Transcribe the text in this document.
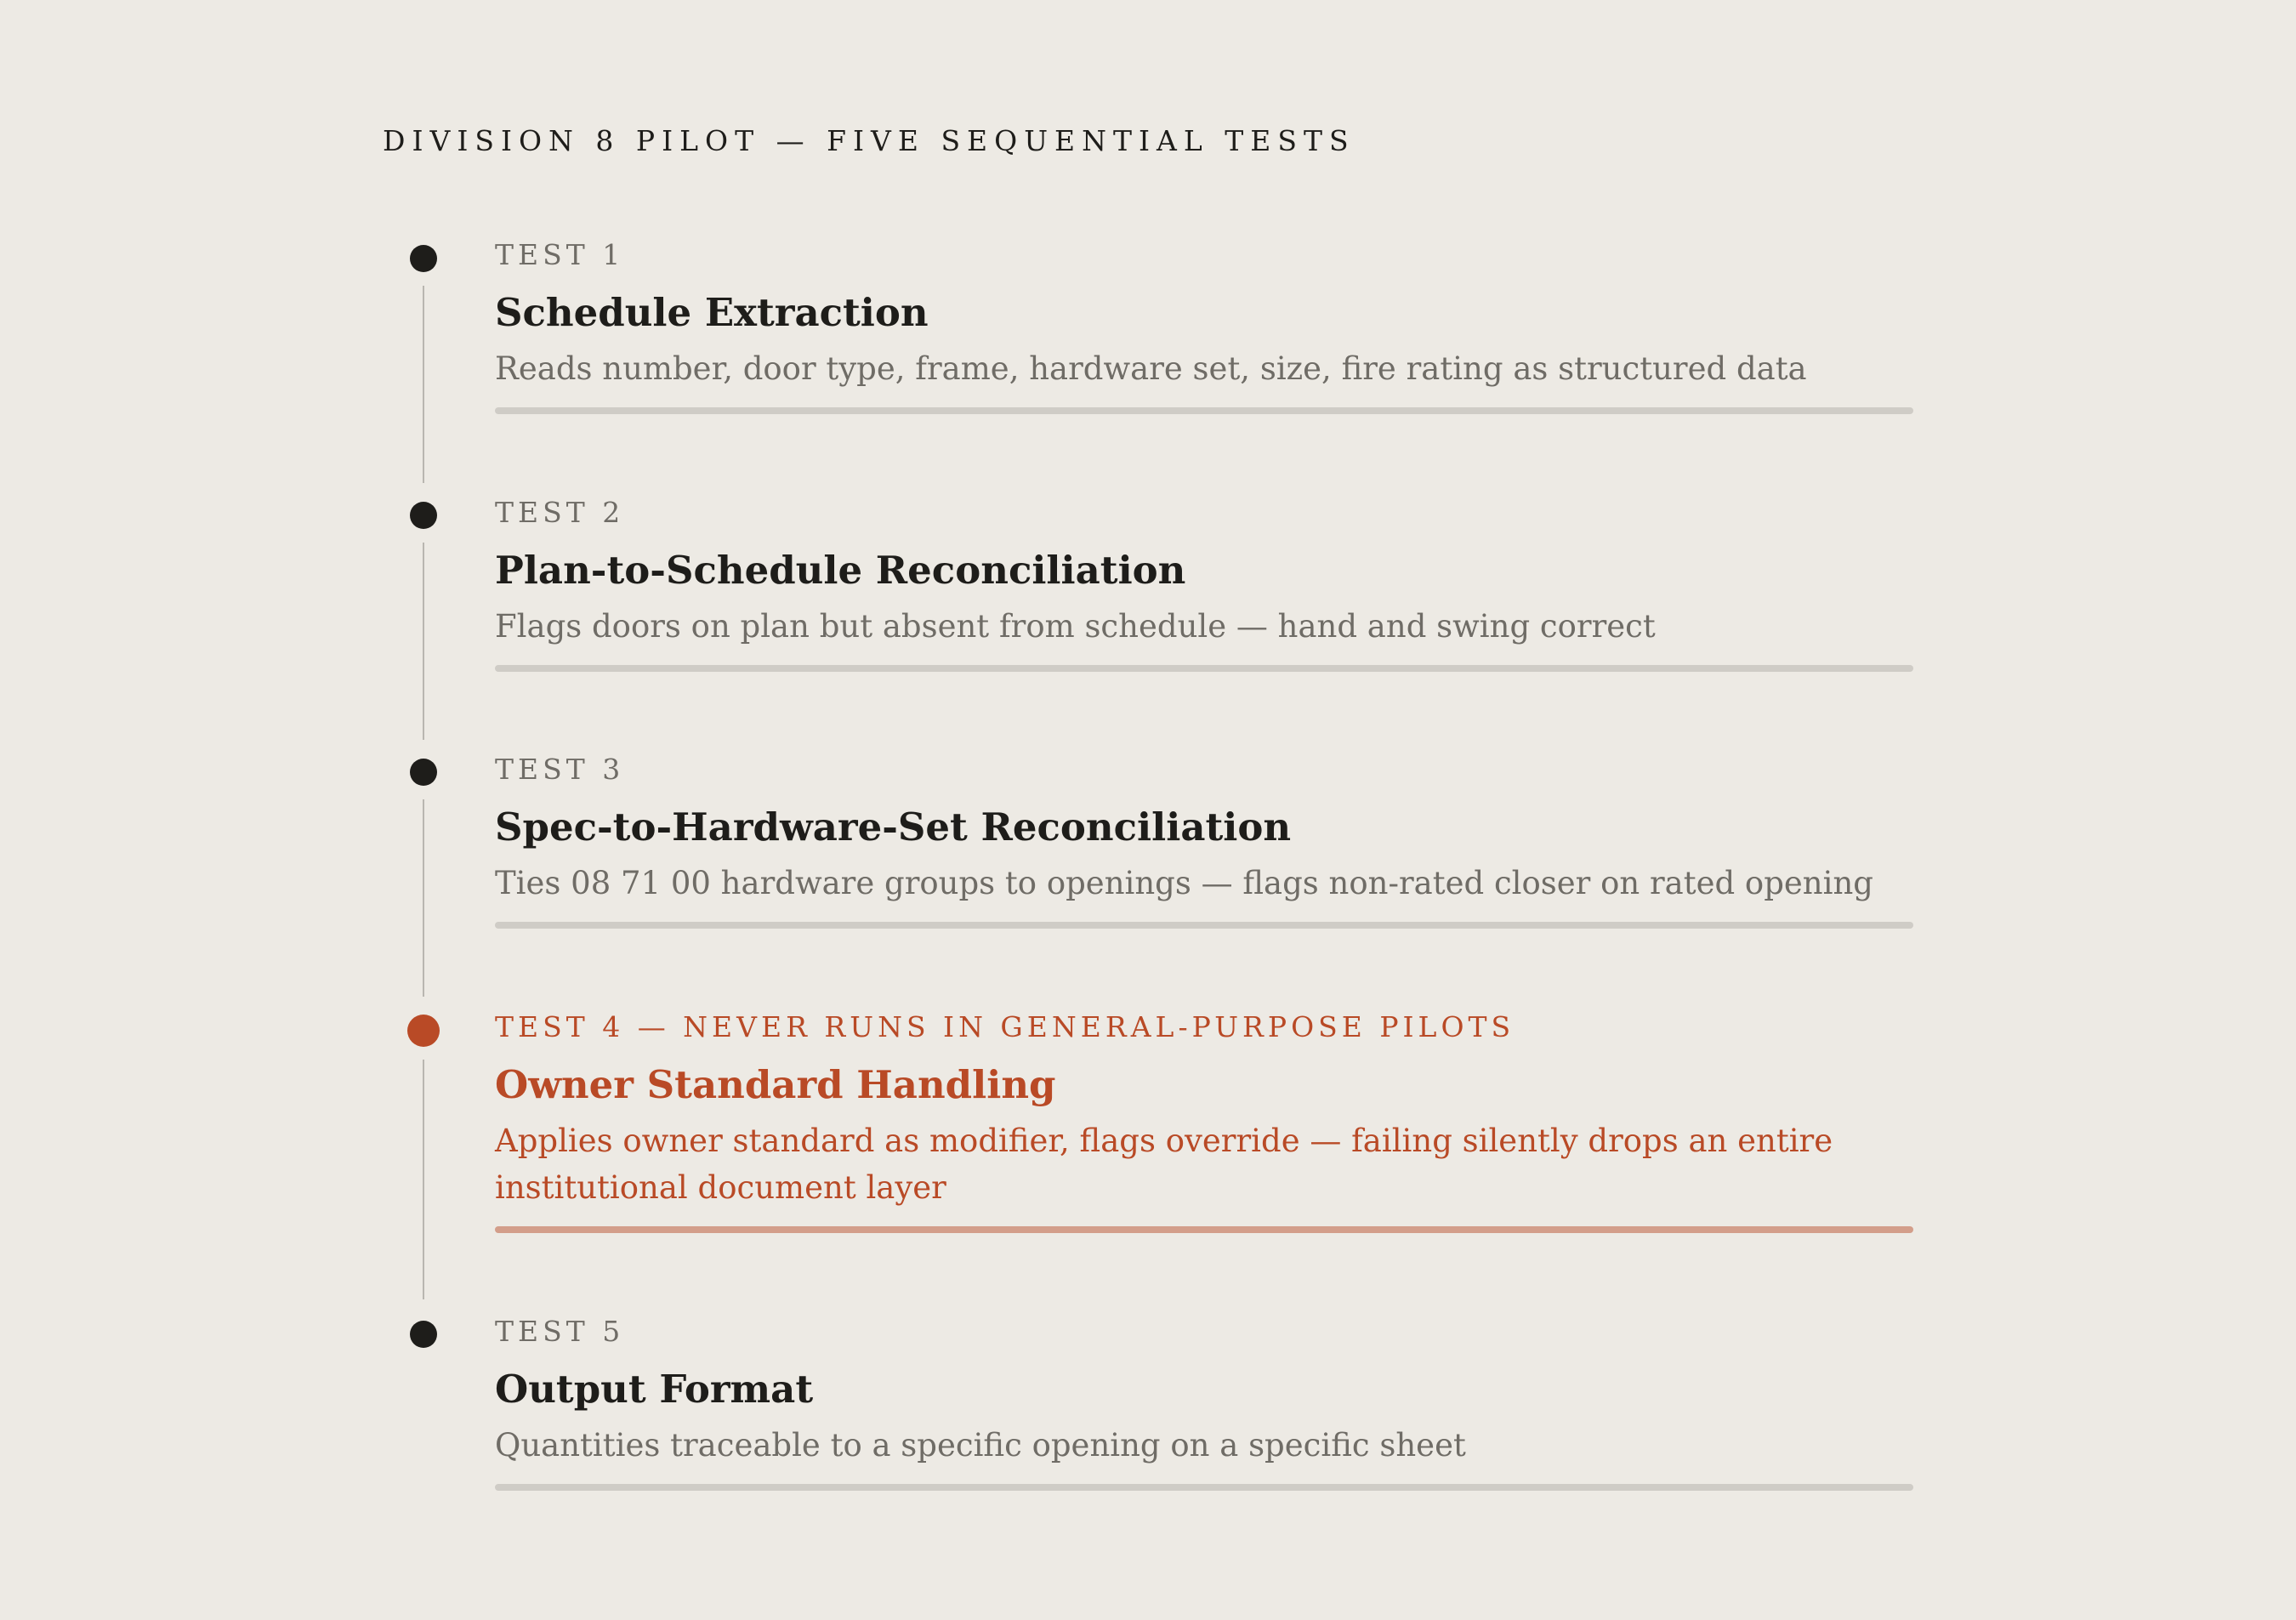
DIVISION 8 PILOT — FIVE SEQUENTIAL TESTS
TEST 1
Schedule Extraction
Reads number, door type, frame, hardware set, size, fire rating as structured data
TEST 2
Plan-to-Schedule Reconciliation
Flags doors on plan but absent from schedule — hand and swing correct
TEST 3
Spec-to-Hardware-Set Reconciliation
Ties 08 71 00 hardware groups to openings — flags non-rated closer on rated opening
TEST 4 — NEVER RUNS IN GENERAL-PURPOSE PILOTS
Owner Standard Handling
Applies owner standard as modifier, flags override — failing silently drops an entire institutional document layer
TEST 5
Output Format
Quantities traceable to a specific opening on a specific sheet
